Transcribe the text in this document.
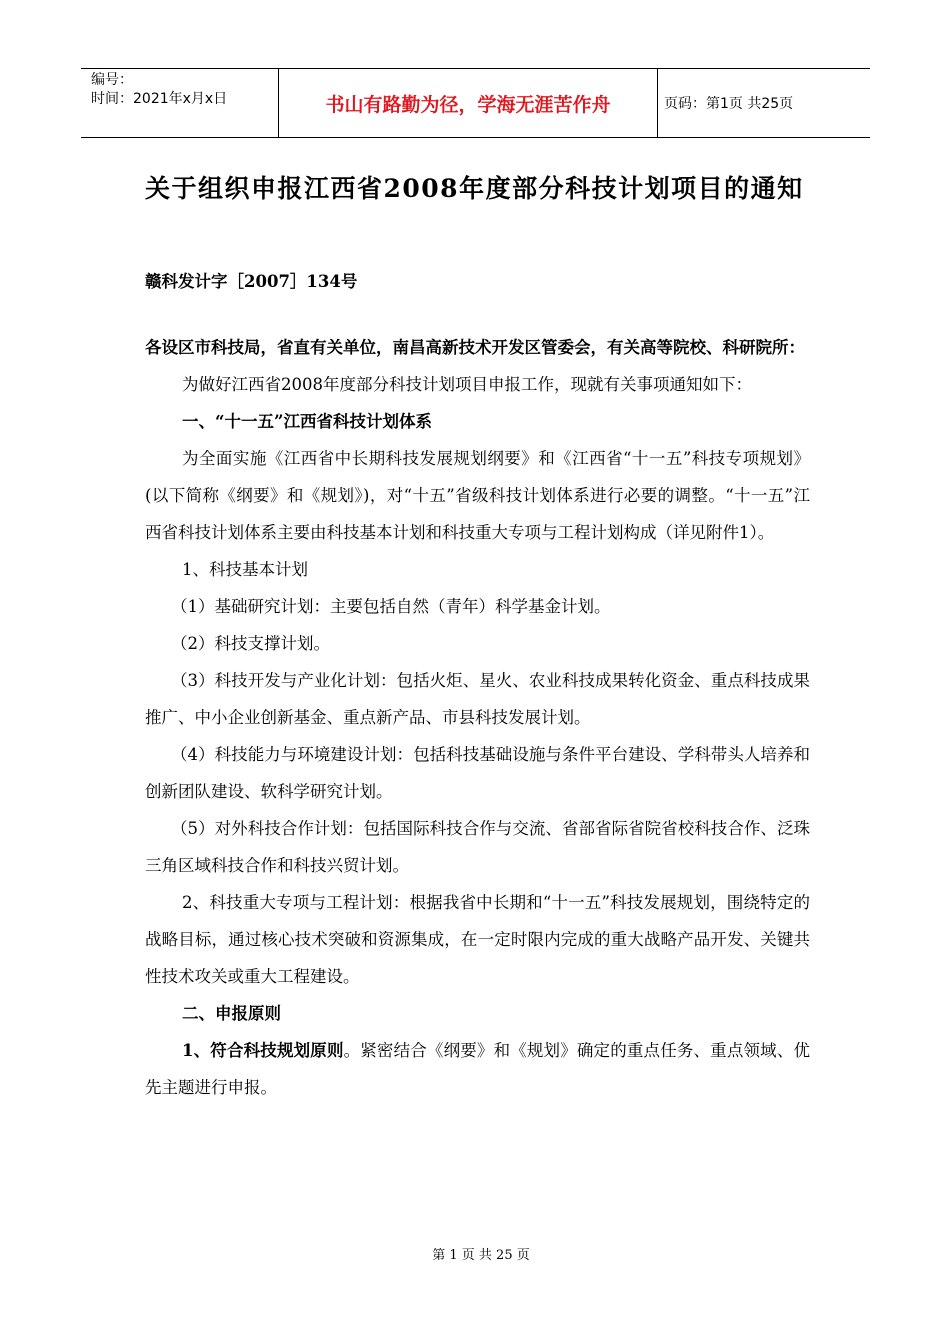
编号：
时间：2021年x月x日	书山有路勤为径，学海无涯苦作舟	页码：第1页 共25页
关于组织申报江西省2008年度部分科技计划项目的通知
赣科发计字［2007］134号

各设区市科技局，省直有关单位，南昌高新技术开发区管委会，有关高等院校、科研院所：

为做好江西省2008年度部分科技计划项目申报工作，现就有关事项通知如下：

一、“十一五”江西省科技计划体系

为全面实施《江西省中长期科技发展规划纲要》和《江西省“十一五”科技专项规划》(以下简称《纲要》和《规划》)，对“十五”省级科技计划体系进行必要的调整。“十一五”江西省科技计划体系主要由科技基本计划和科技重大专项与工程计划构成（详见附件1）。

1、科技基本计划

（1）基础研究计划：主要包括自然（青年）科学基金计划。

（2）科技支撑计划。

（3）科技开发与产业化计划：包括火炬、星火、农业科技成果转化资金、重点科技成果推广、中小企业创新基金、重点新产品、市县科技发展计划。

（4）科技能力与环境建设计划：包括科技基础设施与条件平台建设、学科带头人培养和创新团队建设、软科学研究计划。

（5）对外科技合作计划：包括国际科技合作与交流、省部省际省院省校科技合作、泛珠三角区域科技合作和科技兴贸计划。

2、科技重大专项与工程计划：根据我省中长期和“十一五”科技发展规划，围绕特定的战略目标，通过核心技术突破和资源集成，在一定时限内完成的重大战略产品开发、关键共性技术攻关或重大工程建设。

二、申报原则

1、符合科技规划原则。紧密结合《纲要》和《规划》确定的重点任务、重点领域、优先主题进行申报。

第 1 页 共 25 页
